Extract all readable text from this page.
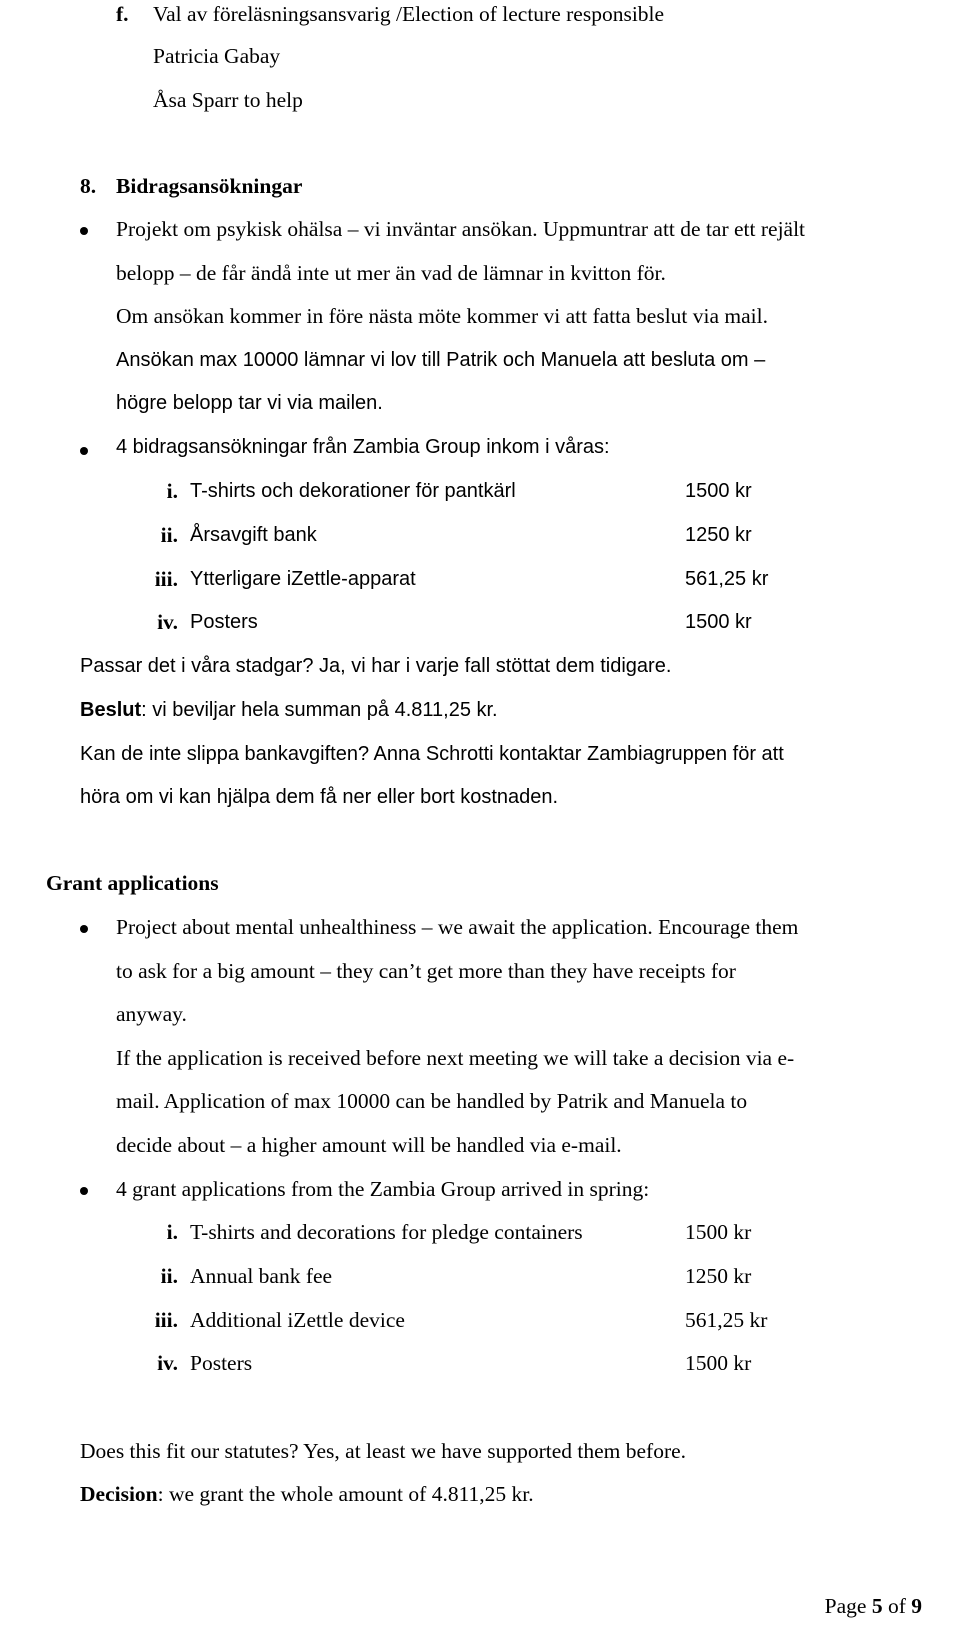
f. Val av föreläsningsansvarig /Election of lecture responsible
Patricia Gabay
Åsa Sparr to help
8. Bidragsansökningar
Projekt om psykisk ohälsa – vi inväntar ansökan. Uppmuntrar att de tar ett rejält
belopp – de får ändå inte ut mer än vad de lämnar in kvitton för.
Om ansökan kommer in före nästa möte kommer vi att fatta beslut via mail.
Ansökan max 10000 lämnar vi lov till Patrik och Manuela att besluta om –
högre belopp tar vi via mailen.
4 bidragsansökningar från Zambia Group inkom i våras:
i. T-shirts och dekorationer för pantkärl	1500 kr
ii. Årsavgift bank	1250 kr
iii. Ytterligare iZettle-apparat	561,25 kr
iv. Posters	1500 kr
Passar det i våra stadgar? Ja, vi har i varje fall stöttat dem tidigare.
Beslut: vi beviljar hela summan på 4.811,25 kr.
Kan de inte slippa bankavgiften? Anna Schrotti kontaktar Zambiagruppen för att
höra om vi kan hjälpa dem få ner eller bort kostnaden.
Grant applications
Project about mental unhealthiness – we await the application. Encourage them
to ask for a big amount – they can’t get more than they have receipts for
anyway.
If the application is received before next meeting we will take a decision via e-
mail. Application of max 10000 can be handled by Patrik and Manuela to
decide about – a higher amount will be handled via e-mail.
4 grant applications from the Zambia Group arrived in spring:
i. T-shirts and decorations for pledge containers	1500 kr
ii. Annual bank fee	1250 kr
iii. Additional iZettle device	561,25 kr
iv. Posters	1500 kr
Does this fit our statutes? Yes, at least we have supported them before.
Decision: we grant the whole amount of 4.811,25 kr.
Page 5 of 9
